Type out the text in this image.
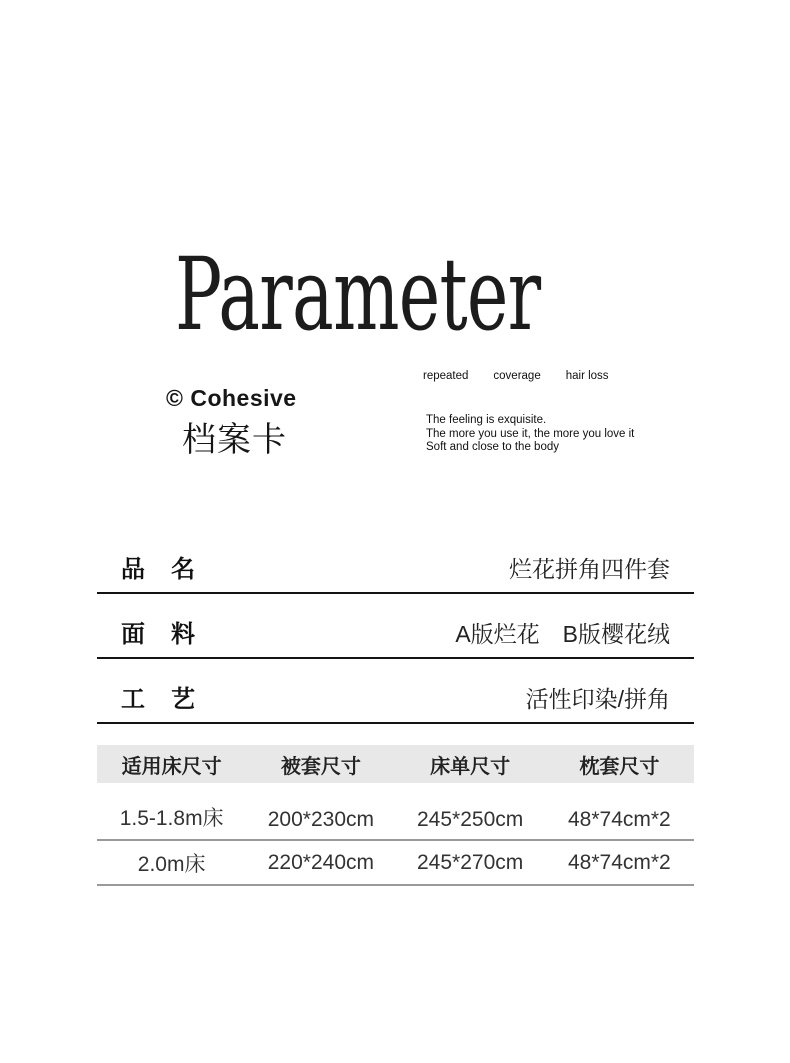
Parameter
© Cohesive
档案卡
repeated coverage hair loss
The feeling is exquisite.
The more you use it, the more you love it
Soft and close to the body
品　名	烂花拼角四件套
面　料	A版烂花　B版樱花绒
工　艺	活性印染/拼角
适用床尺寸	被套尺寸	床单尺寸	枕套尺寸
1.5-1.8m床	200*230cm	245*250cm	48*74cm*2
2.0m床	220*240cm	245*270cm	48*74cm*2
